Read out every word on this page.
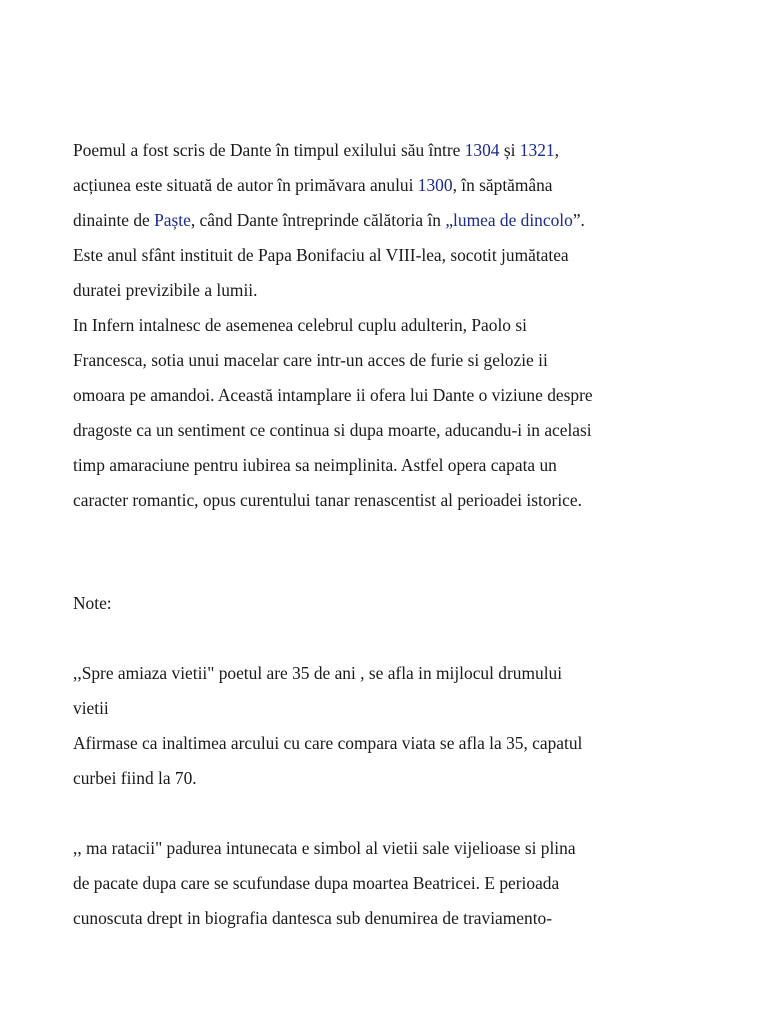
Poemul a fost scris de Dante în timpul exilului său între 1304 și 1321,
acțiunea este situată de autor în primăvara anului 1300, în săptămâna
dinainte de Paște, când Dante întreprinde călătoria în „lumea de dincolo”.
Este anul sfânt instituit de Papa Bonifaciu al VIII-lea, socotit jumătatea
duratei previzibile a lumii.
In Infern intalnesc de asemenea celebrul cuplu adulterin, Paolo si
Francesca, sotia unui macelar care intr-un acces de furie si gelozie ii
omoara pe amandoi. Această intamplare ii ofera lui Dante o viziune despre
dragoste ca un sentiment ce continua si dupa moarte, aducandu-i in acelasi
timp amaraciune pentru iubirea sa neimplinita. Astfel opera capata un
caracter romantic, opus curentului tanar renascentist al perioadei istorice.
Note:
,,Spre amiaza vietii" poetul are 35 de ani , se afla in mijlocul drumului
vietii
Afirmase ca inaltimea arcului cu care compara viata se afla la 35, capatul
curbei fiind la 70.
,, ma ratacii" padurea intunecata e simbol al vietii sale vijelioase si plina
de pacate dupa care se scufundase dupa moartea Beatricei. E perioada
cunoscuta drept in biografia dantesca sub denumirea de traviamento-
